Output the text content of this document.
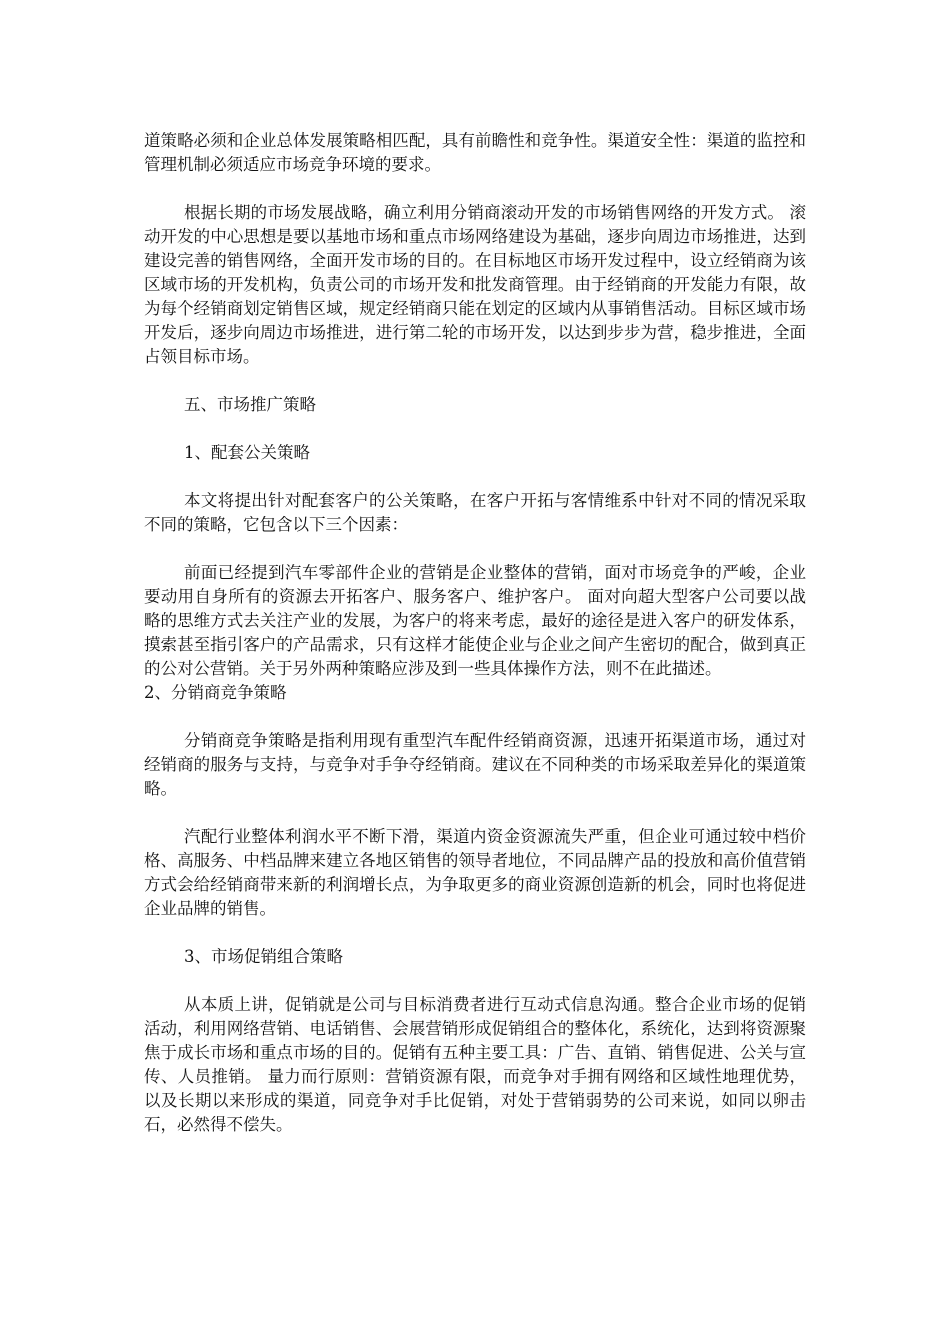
道策略必须和企业总体发展策略相匹配，具有前瞻性和竞争性。渠道安全性：渠道的监控和管理机制必须适应市场竞争环境的要求。

根据长期的市场发展战略，确立利用分销商滚动开发的市场销售网络的开发方式。 滚动开发的中心思想是要以基地市场和重点市场网络建设为基础，逐步向周边市场推进，达到建设完善的销售网络，全面开发市场的目的。在目标地区市场开发过程中，设立经销商为该区域市场的开发机构，负责公司的市场开发和批发商管理。由于经销商的开发能力有限，故为每个经销商划定销售区域，规定经销商只能在划定的区域内从事销售活动。目标区域市场开发后，逐步向周边市场推进，进行第二轮的市场开发，以达到步步为营，稳步推进，全面占领目标市场。

五、市场推广策略

1、配套公关策略

本文将提出针对配套客户的公关策略，在客户开拓与客情维系中针对不同的情况采取不同的策略，它包含以下三个因素：

前面已经提到汽车零部件企业的营销是企业整体的营销，面对市场竞争的严峻，企业要动用自身所有的资源去开拓客户、服务客户、维护客户。 面对向超大型客户公司要以战略的思维方式去关注产业的发展，为客户的将来考虑，最好的途径是进入客户的研发体系，摸索甚至指引客户的产品需求，只有这样才能使企业与企业之间产生密切的配合，做到真正的公对公营销。关于另外两种策略应涉及到一些具体操作方法，则不在此描述。

2、分销商竞争策略

分销商竞争策略是指利用现有重型汽车配件经销商资源，迅速开拓渠道市场，通过对经销商的服务与支持，与竞争对手争夺经销商。建议在不同种类的市场采取差异化的渠道策略。

汽配行业整体利润水平不断下滑，渠道内资金资源流失严重，但企业可通过较中档价格、高服务、中档品牌来建立各地区销售的领导者地位，不同品牌产品的投放和高价值营销方式会给经销商带来新的利润增长点，为争取更多的商业资源创造新的机会，同时也将促进企业品牌的销售。

3、市场促销组合策略

从本质上讲，促销就是公司与目标消费者进行互动式信息沟通。整合企业市场的促销活动，利用网络营销、电话销售、会展营销形成促销组合的整体化，系统化，达到将资源聚焦于成长市场和重点市场的目的。促销有五种主要工具：广告、直销、销售促进、公关与宣传、人员推销。 量力而行原则：营销资源有限，而竞争对手拥有网络和区域性地理优势，以及长期以来形成的渠道，同竞争对手比促销，对处于营销弱势的公司来说，如同以卵击石，必然得不偿失。
